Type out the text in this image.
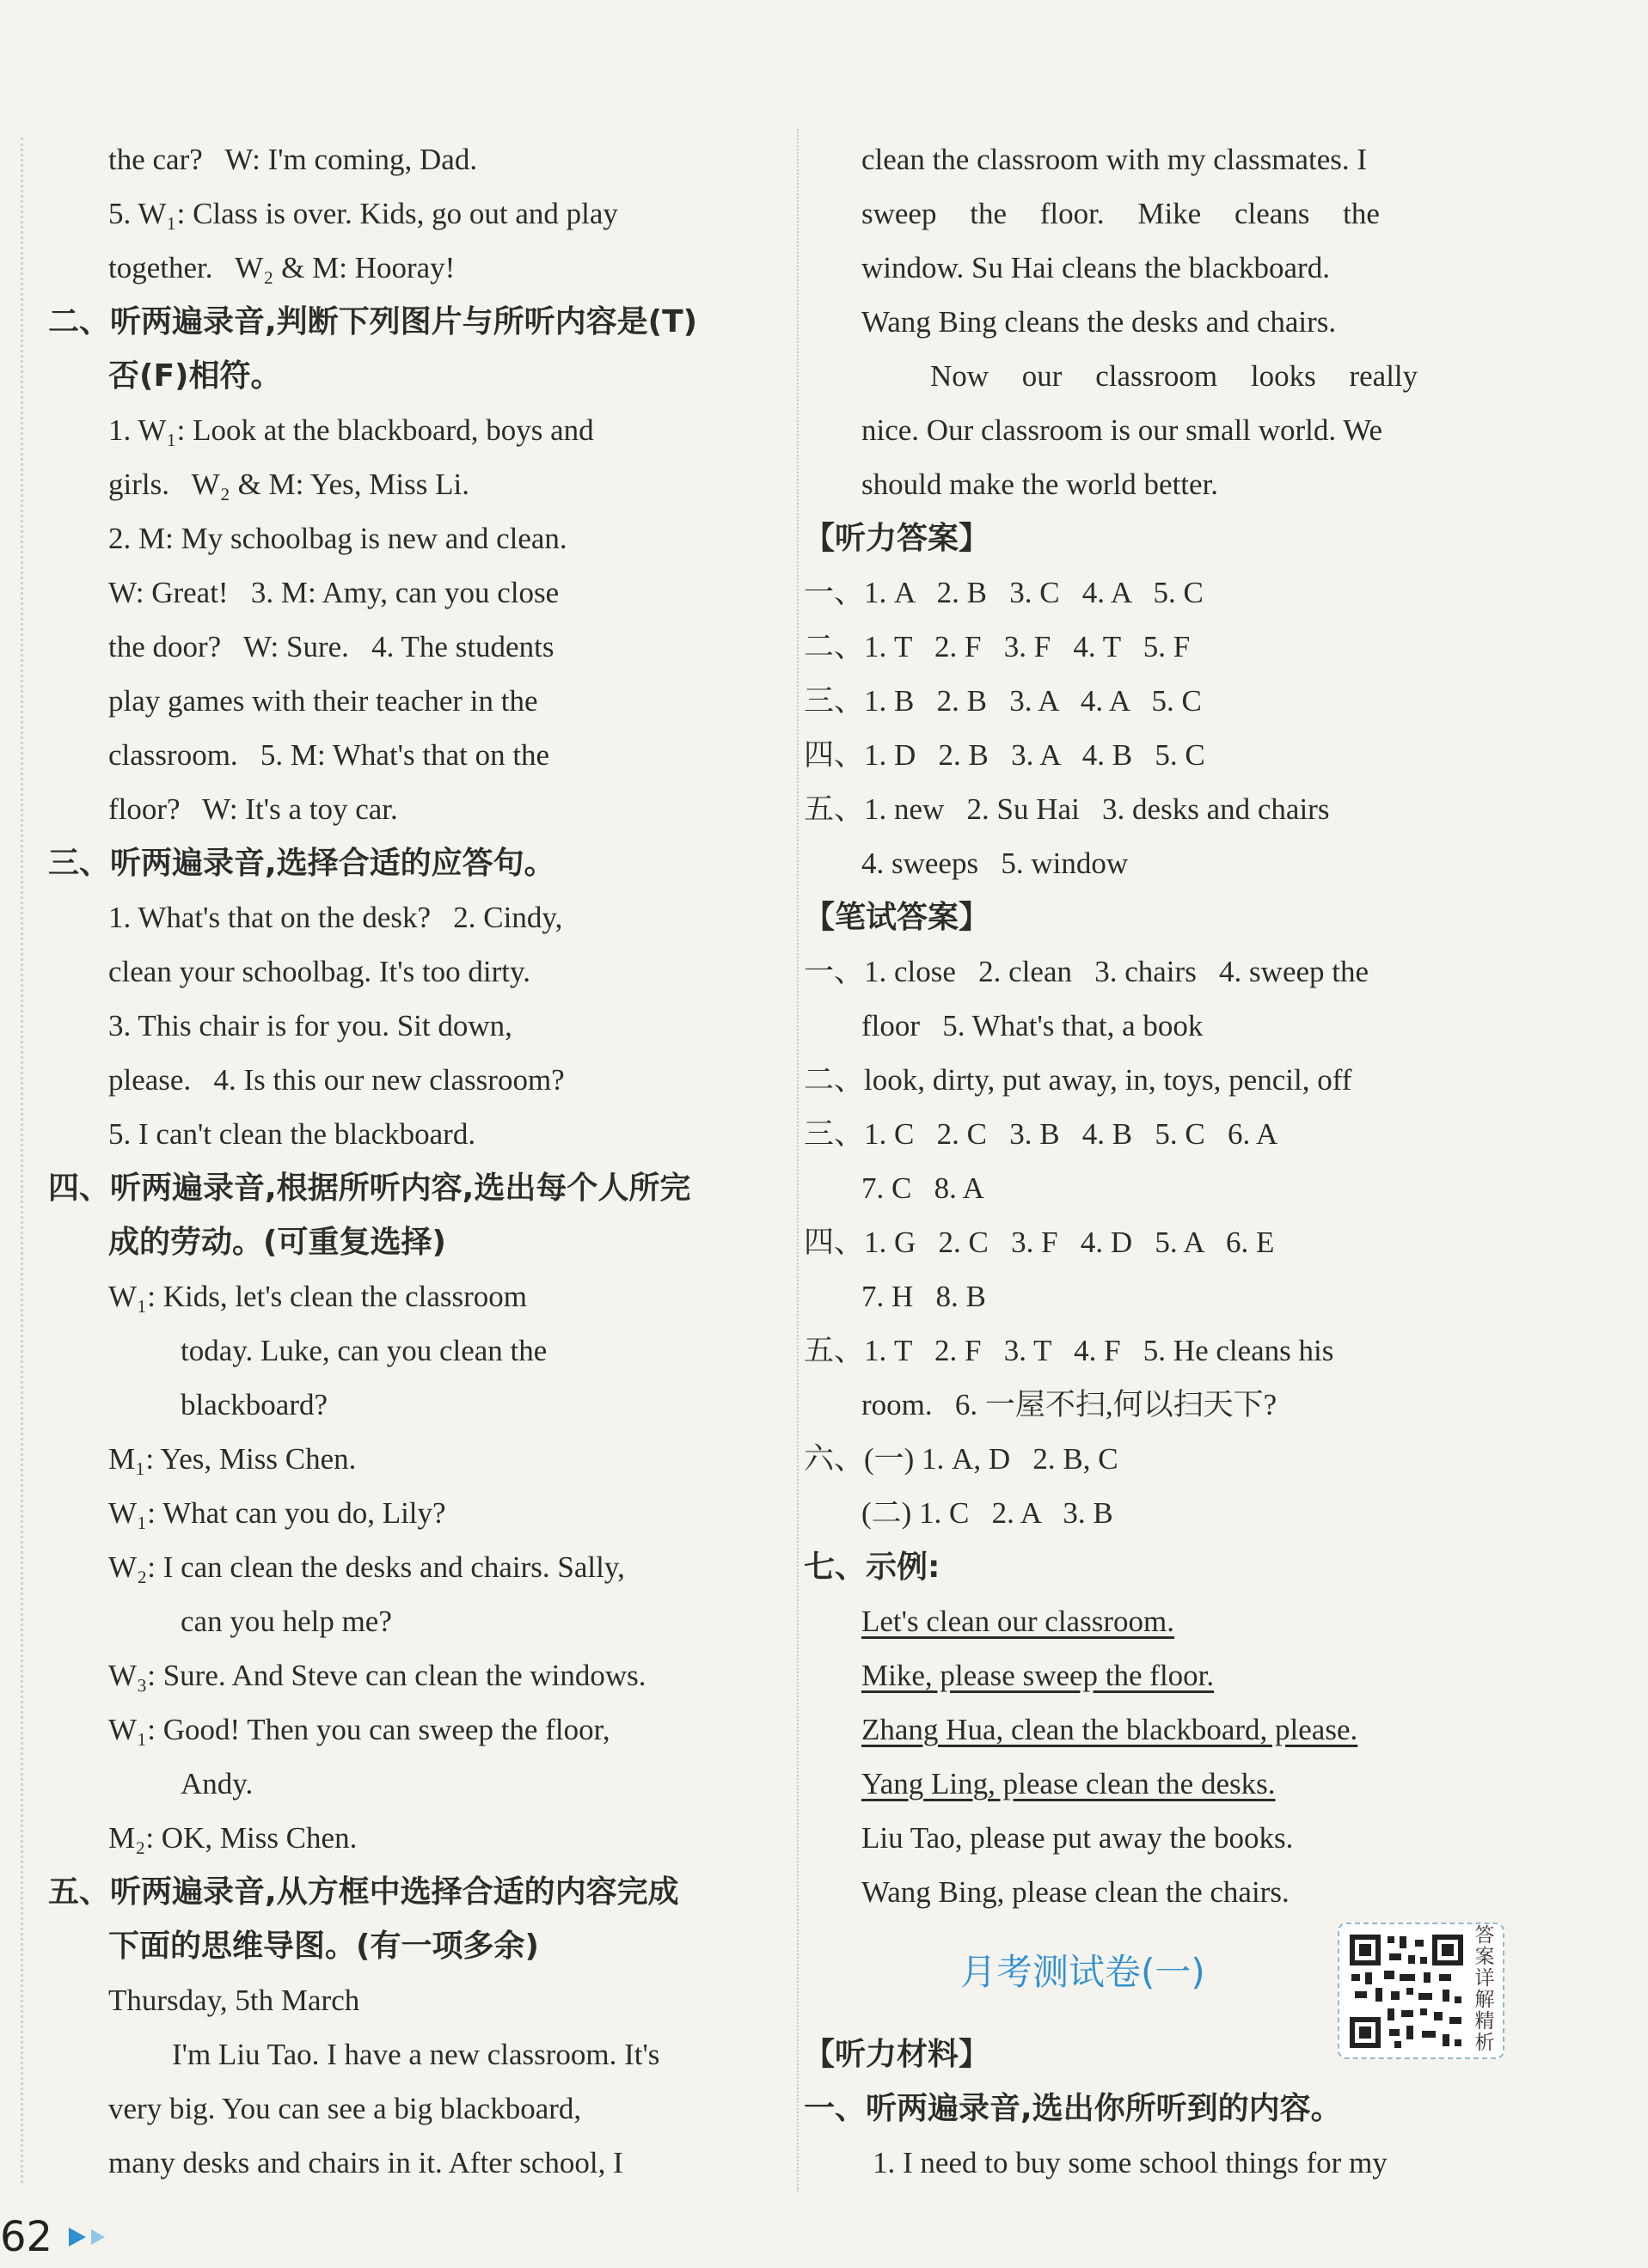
the car?   W: I'm coming, Dad.
5. W₁: Class is over. Kids, go out and play
together.   W₂ & M: Hooray!
二、听两遍录音,判断下列图片与所听内容是(T)
否(F)相符。
1. W₁: Look at the blackboard, boys and
girls.   W₂ & M: Yes, Miss Li.
2. M: My schoolbag is new and clean.
W: Great!   3. M: Amy, can you close
the door?   W: Sure.   4. The students
play games with their teacher in the
classroom.   5. M: What's that on the
floor?   W: It's a toy car.
三、听两遍录音,选择合适的应答句。
1. What's that on the desk?   2. Cindy,
clean your schoolbag. It's too dirty.
3. This chair is for you. Sit down,
please.   4. Is this our new classroom?
5. I can't clean the blackboard.
四、听两遍录音,根据所听内容,选出每个人所完
成的劳动。(可重复选择)
W₁: Kids, let's clean the classroom
today. Luke, can you clean the
blackboard?
M₁: Yes, Miss Chen.
W₁: What can you do, Lily?
W₂: I can clean the desks and chairs. Sally,
can you help me?
W₃: Sure. And Steve can clean the windows.
W₁: Good! Then you can sweep the floor,
Andy.
M₂: OK, Miss Chen.
五、听两遍录音,从方框中选择合适的内容完成
下面的思维导图。(有一项多余)
Thursday, 5th March
I'm Liu Tao. I have a new classroom. It's
very big. You can see a big blackboard,
many desks and chairs in it. After school, I
clean the classroom with my classmates. I
sweep the floor. Mike cleans the
window. Su Hai cleans the blackboard.
Wang Bing cleans the desks and chairs.
Now our classroom looks really
nice. Our classroom is our small world. We
should make the world better.
【听力答案】
一、1. A   2. B   3. C   4. A   5. C
二、1. T   2. F   3. F   4. T   5. F
三、1. B   2. B   3. A   4. A   5. C
四、1. D   2. B   3. A   4. B   5. C
五、1. new   2. Su Hai   3. desks and chairs
4. sweeps   5. window
【笔试答案】
一、1. close   2. clean   3. chairs   4. sweep the
floor   5. What's that, a book
二、look, dirty, put away, in, toys, pencil, off
三、1. C   2. C   3. B   4. B   5. C   6. A
7. C   8. A
四、1. G   2. C   3. F   4. D   5. A   6. E
7. H   8. B
五、1. T   2. F   3. T   4. F   5. He cleans his
room.   6. 一屋不扫,何以扫天下?
六、(一) 1. A, D   2. B, C
(二) 1. C   2. A   3. B
七、示例:
Let's clean our classroom.
Mike, please sweep the floor.
Zhang Hua, clean the blackboard, please.
Yang Ling, please clean the desks.
Liu Tao, please put away the books.
Wang Bing, please clean the chairs.
【听力材料】
一、听两遍录音,选出你所听到的内容。
1. I need to buy some school things for my
月考测试卷(一)
答案详解精析
62
